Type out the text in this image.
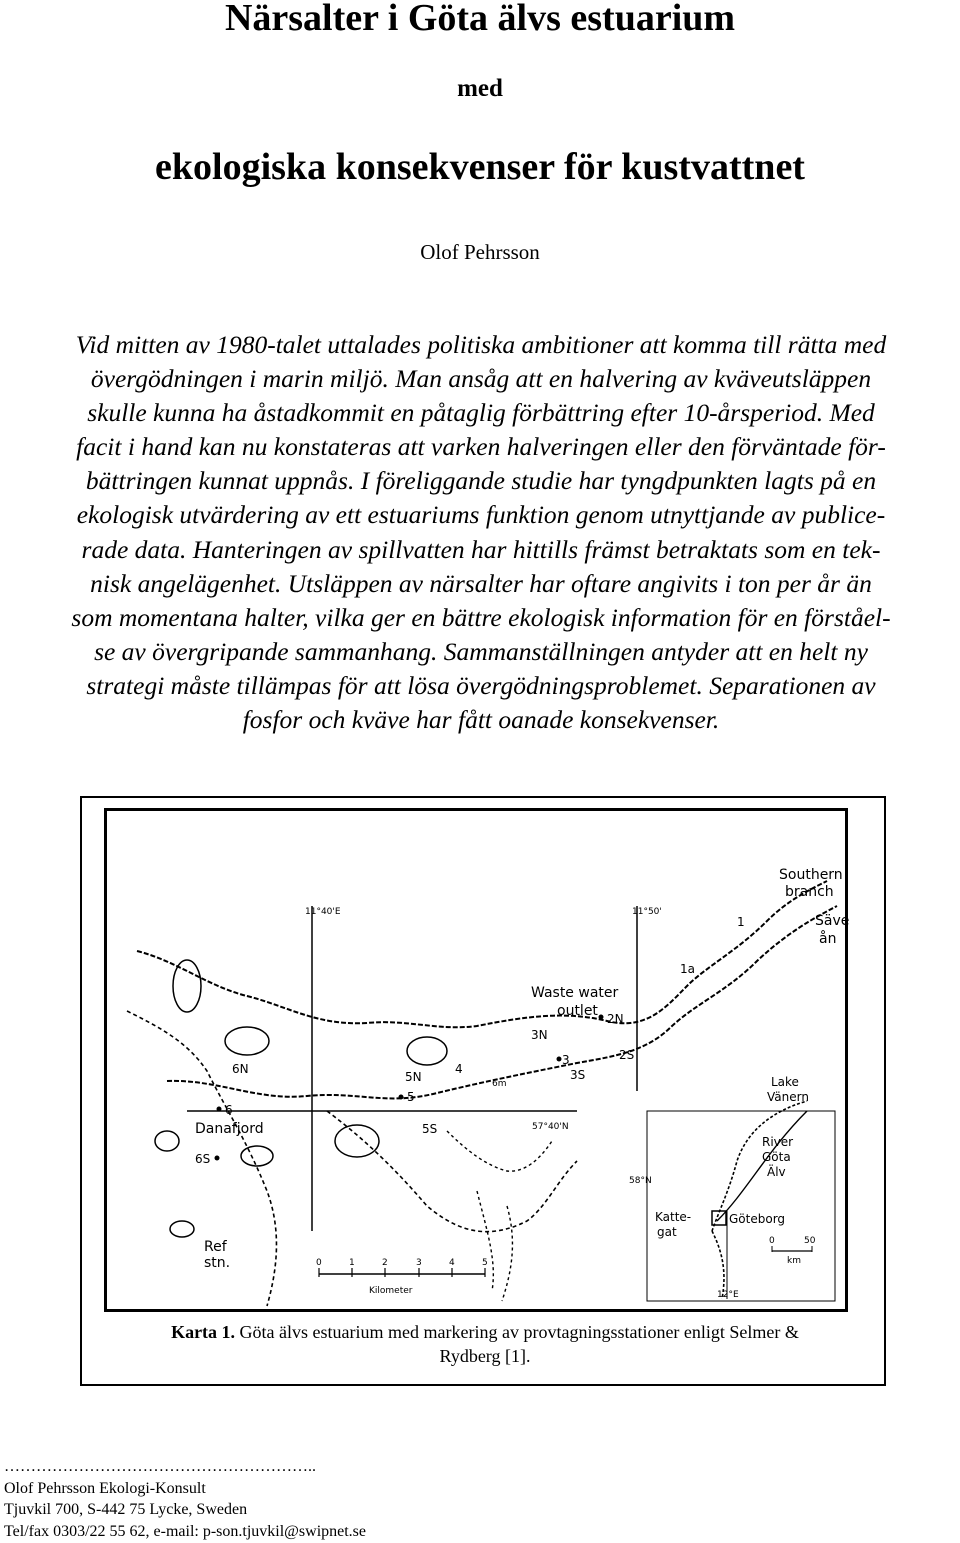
Närsalter i Göta älvs estuarium
med
ekologiska konsekvenser för kustvattnet
Olof Pehrsson

Vid mitten av 1980-talet uttalades politiska ambitioner att komma till rätta med
övergödningen i marin miljö. Man ansåg att en halvering av kväveutsläppen
skulle kunna ha åstadkommit en påtaglig förbättring efter 10-årsperiod. Med
facit i hand kan nu konstateras att varken halveringen eller den förväntade för-
bättringen kunnat uppnås. I föreliggande studie har tyngdpunkten lagts på en
ekologisk utvärdering av ett estuariums funktion genom utnyttjande av publice-
rade data. Hanteringen av spillvatten har hittills främst betraktats som en tek-
nisk angelägenhet. Utsläppen av närsalter har oftare angivits i ton per år än
som momentana halter, vilka ger en bättre ekologisk information för en förståel-
se av övergripande sammanhang. Sammanställningen antyder att en helt ny
strategi måste tillämpas för att lösa övergödningsproblemet. Separationen av
fosfor och kväve har fått oanade konsekvenser.

11°40'E	11°50'
57°40'N
Southern
branch
Säve
ån
Waste water
outlet
Danafjord
Ref
stn.
6m
1
1a
2N
2S
3N
3
3S
4
5N
5
5S
6N
6
6S
0	1	2	3	4	5
Kilometer
Lake
Vänern
River
Göta
Älv
Katte-
gat
Göteborg
58°N
12°E
0	50
km

Karta 1. Göta älvs estuarium med markering av provtagningsstationer enligt Selmer &
Rydberg [1].

…………………………………………………..
Olof Pehrsson Ekologi-Konsult
Tjuvkil 700, S-442 75 Lycke, Sweden
Tel/fax 0303/22 55 62, e-mail: p-son.tjuvkil@swipnet.se
